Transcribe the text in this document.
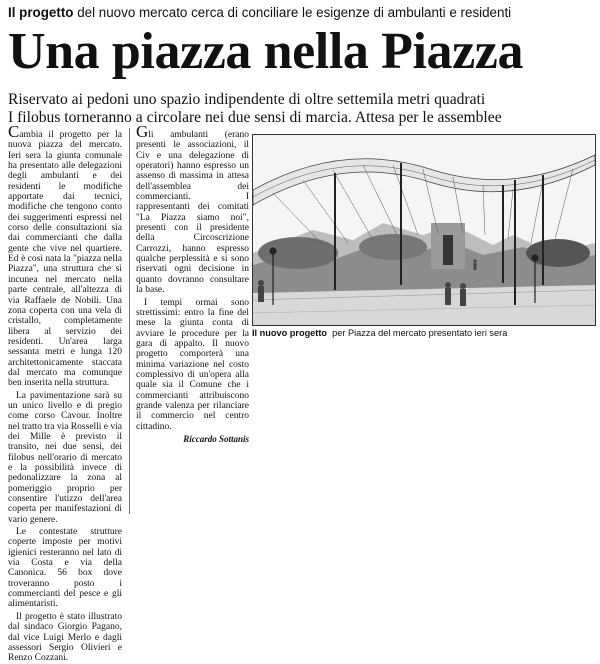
Il progetto del nuovo mercato cerca di conciliare le esigenze di ambulanti e residenti
Una piazza nella Piazza
Riservato ai pedoni uno spazio indipendente di oltre settemila metri quadrati
I filobus torneranno a circolare nei due sensi di marcia. Attesa per le assemblee

Cambia il progetto per la nuova piazza del mercato. Ieri sera la giunta comunale ha presentato alle delegazioni degli ambulanti e dei residenti le modifiche apportate dai tecnici, modifiche che tengono conto dei suggerimenti espressi nel corso delle consultazioni sia dai commercianti che dalla gente che vive nel quartiere. Ed è così nata la "piazza nella Piazza", una struttura che si incunea nel mercato nella parte centrale, all'altezza di via Raffaele de Nobili. Una zona coperta con una vela di cristallo, completamente libera al servizio dei residenti. Un'area larga sessanta metri e lunga 120 architettonicamente staccata dal mercato ma comunque ben inserita nella struttura.

La pavimentazione sarà su un unico livello e di pregio come corso Cavour. Inoltre nel tratto tra via Rosselli e via dei Mille è previsto il transito, nei due sensi, dei filobus nell'orario di mercato e la possibilità invece di pedonalizzare la zona al pomeriggio proprio per consentire l'utizzo dell'area coperta per manifestazioni di vario genere.

Le contestate strutture coperte imposte per motivi igienici resteranno nel lato di via Costa e via della Canonica. 56 box dove troveranno posto i commercianti del pesce e gli alimentaristi.

Il progetto è stato illustrato dal sindaco Giorgio Pagano, dal vice Luigi Merlo e dagli assessori Sergio Olivieri e Renzo Cozzani.

Gli ambulanti (erano presenti le associazioni, il Civ e una delegazione di operatori) hanno espresso un assenso di massima in attesa dell'assemblea dei commercianti. I rappresentanti dei comitati "La Piazza siamo noi", presenti con il presidente della Circoscrizione Carrozzi, hanno espresso qualche perplessità e si sono riservati ogni decisione in quanto dovranno consultare la base.

I tempi ormai sono strettissimi: entro la fine del mese la giunta conta di avviare le procedure per la gara di appalto. Il nuovo progetto comporterà una minima variazione nel costo complessivo di un'opera alla quale sia il Comune che i commercianti attribuiscono grande valenza per rilanciare il commercio nel centro cittadino.

Riccardo Sottanis
Il nuovo progetto per Piazza del mercato presentato ieri sera
